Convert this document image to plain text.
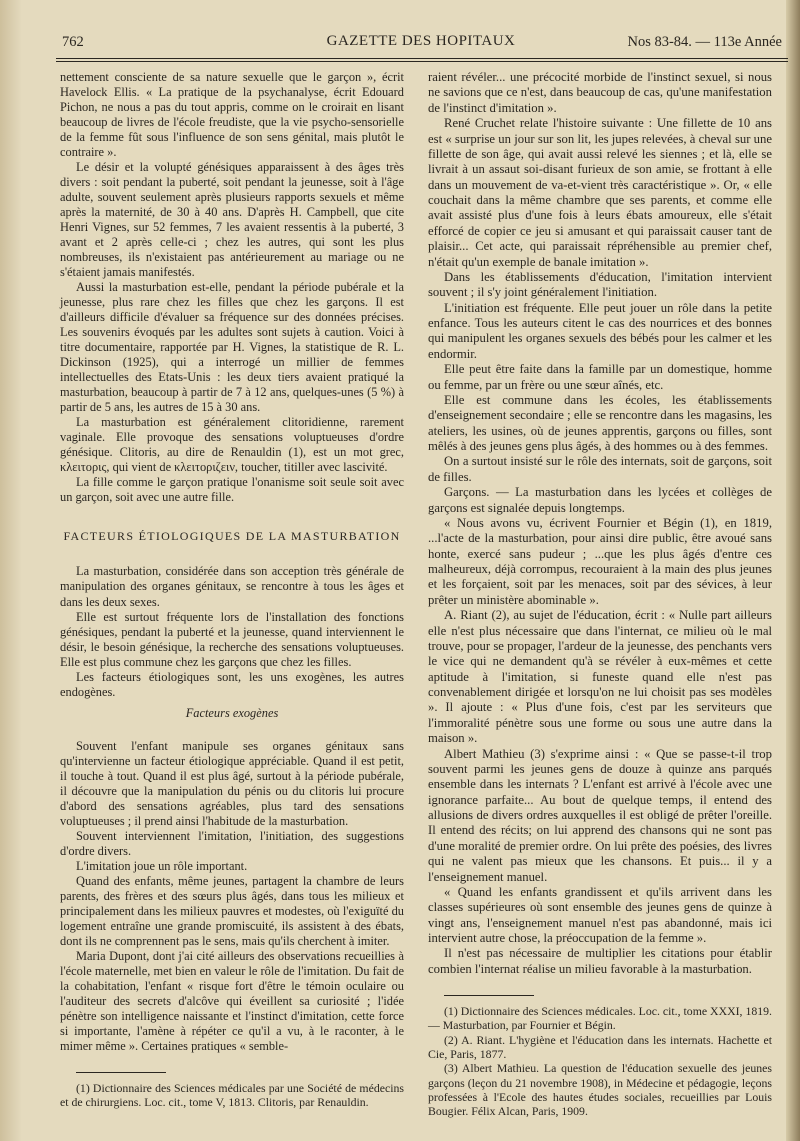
762	GAZETTE DES HOPITAUX	Nos 83-84. — 113e Année

nettement consciente de sa nature sexuelle que le garçon », écrit Havelock Ellis. « La pratique de la psychanalyse, écrit Edouard Pichon, ne nous a pas du tout appris, comme on le croirait en lisant beaucoup de livres de l'école freudiste, que la vie psycho-sensorielle de la femme fût sous l'influence de son sens génital, mais plutôt le contraire ».

Le désir et la volupté génésiques apparaissent à des âges très divers : soit pendant la puberté, soit pendant la jeunesse, soit à l'âge adulte, souvent seulement après plusieurs rapports sexuels et même après la maternité, de 30 à 40 ans. D'après H. Campbell, que cite Henri Vignes, sur 52 femmes, 7 les avaient ressentis à la puberté, 3 avant et 2 après celle-ci ; chez les autres, qui sont les plus nombreuses, ils n'existaient pas antérieurement au mariage ou ne s'étaient jamais manifestés.

Aussi la masturbation est-elle, pendant la période pubérale et la jeunesse, plus rare chez les filles que chez les garçons. Il est d'ailleurs difficile d'évaluer sa fréquence sur des données précises. Les souvenirs évoqués par les adultes sont sujets à caution. Voici à titre documentaire, rapportée par H. Vignes, la statistique de R. L. Dickinson (1925), qui a interrogé un millier de femmes intellectuelles des Etats-Unis : les deux tiers avaient pratiqué la masturbation, beaucoup à partir de 7 à 12 ans, quelques-unes (5 %) à partir de 5 ans, les autres de 15 à 30 ans.

La masturbation est généralement clitoridienne, rarement vaginale. Elle provoque des sensations voluptueuses d'ordre génésique. Clitoris, au dire de Renauldin (1), est un mot grec, κλειτορις, qui vient de κλειτοριζειν, toucher, titiller avec lascivité.

La fille comme le garçon pratique l'onanisme soit seule soit avec un garçon, soit avec une autre fille.

FACTEURS ÉTIOLOGIQUES DE LA MASTURBATION

La masturbation, considérée dans son acception très générale de manipulation des organes génitaux, se rencontre à tous les âges et dans les deux sexes.

Elle est surtout fréquente lors de l'installation des fonctions génésiques, pendant la puberté et la jeunesse, quand interviennent le désir, le besoin génésique, la recherche des sensations voluptueuses. Elle est plus commune chez les garçons que chez les filles.

Les facteurs étiologiques sont, les uns exogènes, les autres endogènes.

Facteurs exogènes

Souvent l'enfant manipule ses organes génitaux sans qu'intervienne un facteur étiologique appréciable. Quand il est petit, il touche à tout. Quand il est plus âgé, surtout à la période pubérale, il découvre que la manipulation du pénis ou du clitoris lui procure d'abord des sensations agréables, plus tard des sensations voluptueuses ; il prend ainsi l'habitude de la masturbation.

Souvent interviennent l'imitation, l'initiation, des suggestions d'ordre divers.

L'imitation joue un rôle important.

Quand des enfants, même jeunes, partagent la chambre de leurs parents, des frères et des sœurs plus âgés, dans tous les milieux et principalement dans les milieux pauvres et modestes, où l'exiguïté du logement entraîne une grande promiscuité, ils assistent à des ébats, dont ils ne comprennent pas le sens, mais qu'ils cherchent à imiter.

Maria Dupont, dont j'ai cité ailleurs des observations recueillies à l'école maternelle, met bien en valeur le rôle de l'imitation. Du fait de la cohabitation, l'enfant « risque fort d'être le témoin oculaire ou l'auditeur des secrets d'alcôve qui éveillent sa curiosité ; l'idée pénètre son intelligence naissante et l'instinct d'imitation, cette force si importante, l'amène à répéter ce qu'il a vu, à le raconter, à le mimer même ». Certaines pratiques « semble-

(1) Dictionnaire des Sciences médicales par une Société de médecins et de chirurgiens. Loc. cit., tome V, 1813. Clitoris, par Renauldin.

raient révéler... une précocité morbide de l'instinct sexuel, si nous ne savions que ce n'est, dans beaucoup de cas, qu'une manifestation de l'instinct d'imitation ».

René Cruchet relate l'histoire suivante : Une fillette de 10 ans est « surprise un jour sur son lit, les jupes relevées, à cheval sur une fillette de son âge, qui avait aussi relevé les siennes ; et là, elle se livrait à un assaut soi-disant furieux de son amie, se frottant à elle dans un mouvement de va-et-vient très caractéristique ». Or, « elle couchait dans la même chambre que ses parents, et comme elle avait assisté plus d'une fois à leurs ébats amoureux, elle s'était efforcé de copier ce jeu si amusant et qui paraissait causer tant de plaisir... Cet acte, qui paraissait répréhensible au premier chef, n'était qu'un exemple de banale imitation ».

Dans les établissements d'éducation, l'imitation intervient souvent ; il s'y joint généralement l'initiation.

L'initiation est fréquente. Elle peut jouer un rôle dans la petite enfance. Tous les auteurs citent le cas des nourrices et des bonnes qui manipulent les organes sexuels des bébés pour les calmer et les endormir.

Elle peut être faite dans la famille par un domestique, homme ou femme, par un frère ou une sœur aînés, etc.

Elle est commune dans les écoles, les établissements d'enseignement secondaire ; elle se rencontre dans les magasins, les ateliers, les usines, où de jeunes apprentis, garçons ou filles, sont mêlés à des jeunes gens plus âgés, à des hommes ou à des femmes.

On a surtout insisté sur le rôle des internats, soit de garçons, soit de filles.

Garçons. — La masturbation dans les lycées et collèges de garçons est signalée depuis longtemps.

« Nous avons vu, écrivent Fournier et Bégin (1), en 1819, ...l'acte de la masturbation, pour ainsi dire public, être avoué sans honte, exercé sans pudeur ; ...que les plus âgés d'entre ces malheureux, déjà corrompus, recouraient à la main des plus jeunes et les forçaient, soit par les menaces, soit par des sévices, à leur prêter un ministère abominable ».

A. Riant (2), au sujet de l'éducation, écrit : « Nulle part ailleurs elle n'est plus nécessaire que dans l'internat, ce milieu où le mal trouve, pour se propager, l'ardeur de la jeunesse, des penchants vers le vice qui ne demandent qu'à se révéler à eux-mêmes et cette aptitude à l'imitation, si funeste quand elle n'est pas convenablement dirigée et lorsqu'on ne lui choisit pas ses modèles ». Il ajoute : « Plus d'une fois, c'est par les serviteurs que l'immoralité pénètre sous une forme ou sous une autre dans la maison ».

Albert Mathieu (3) s'exprime ainsi : « Que se passe-t-il trop souvent parmi les jeunes gens de douze à quinze ans parqués ensemble dans les internats ? L'enfant est arrivé à l'école avec une ignorance parfaite... Au bout de quelque temps, il entend des allusions de divers ordres auxquelles il est obligé de prêter l'oreille. Il entend des récits; on lui apprend des chansons qui ne sont pas d'une moralité de premier ordre. On lui prête des poésies, des livres qui ne valent pas mieux que les chansons. Et puis... il y a l'enseignement manuel.

« Quand les enfants grandissent et qu'ils arrivent dans les classes supérieures où sont ensemble des jeunes gens de quinze à vingt ans, l'enseignement manuel n'est pas abandonné, mais ici intervient autre chose, la préoccupation de la femme ».

Il n'est pas nécessaire de multiplier les citations pour établir combien l'internat réalise un milieu favorable à la masturbation.

(1) Dictionnaire des Sciences médicales. Loc. cit., tome XXXI, 1819. — Masturbation, par Fournier et Bégin.

(2) A. Riant. L'hygiène et l'éducation dans les internats. Hachette et Cie, Paris, 1877.

(3) Albert Mathieu. La question de l'éducation sexuelle des jeunes garçons (leçon du 21 novembre 1908), in Médecine et pédagogie, leçons professées à l'Ecole des hautes études sociales, recueillies par Louis Bougier. Félix Alcan, Paris, 1909.
